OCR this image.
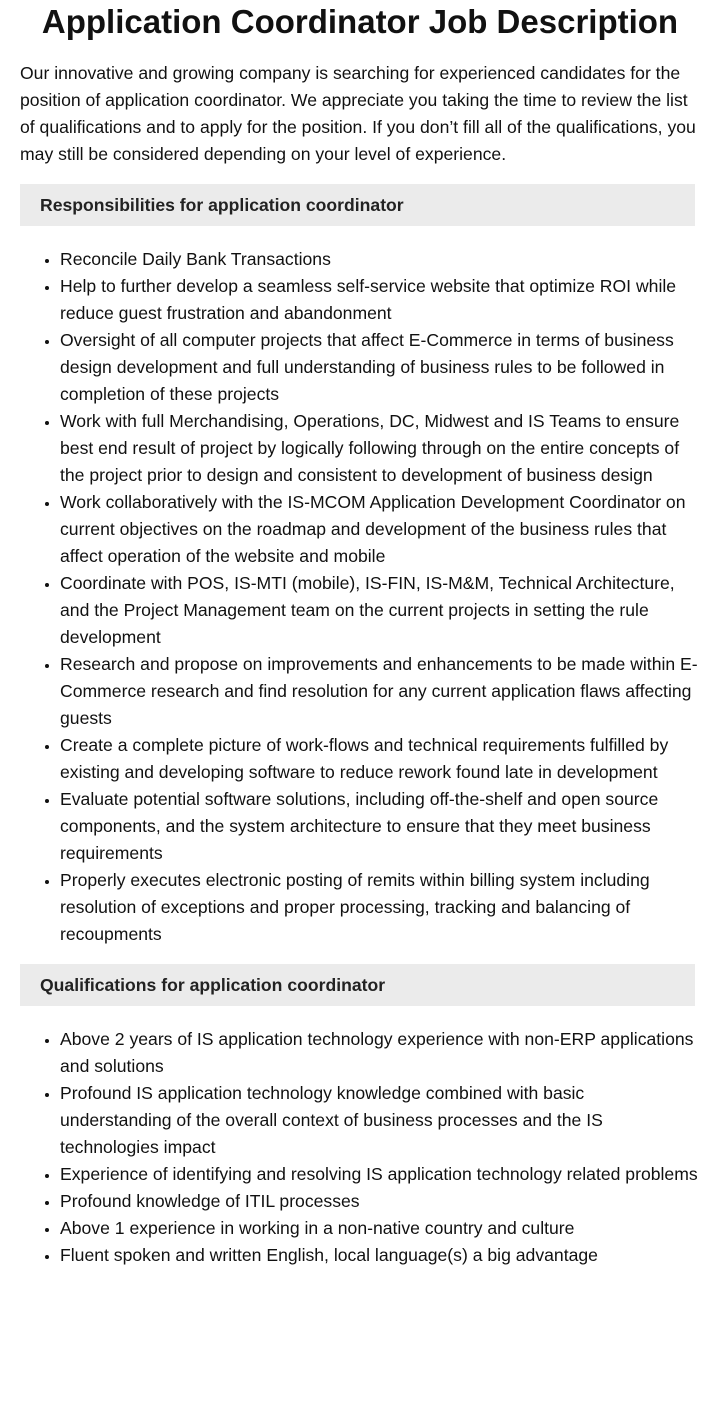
Application Coordinator Job Description

Our innovative and growing company is searching for experienced candidates for the position of application coordinator. We appreciate you taking the time to review the list of qualifications and to apply for the position. If you don’t fill all of the qualifications, you may still be considered depending on your level of experience.

Responsibilities for application coordinator
• Reconcile Daily Bank Transactions
• Help to further develop a seamless self-service website that optimize ROI while reduce guest frustration and abandonment
• Oversight of all computer projects that affect E-Commerce in terms of business design development and full understanding of business rules to be followed in completion of these projects
• Work with full Merchandising, Operations, DC, Midwest and IS Teams to ensure best end result of project by logically following through on the entire concepts of the project prior to design and consistent to development of business design
• Work collaboratively with the IS-MCOM Application Development Coordinator on current objectives on the roadmap and development of the business rules that affect operation of the website and mobile
• Coordinate with POS, IS-MTI (mobile), IS-FIN, IS-M&M, Technical Architecture, and the Project Management team on the current projects in setting the rule development
• Research and propose on improvements and enhancements to be made within E-Commerce research and find resolution for any current application flaws affecting guests
• Create a complete picture of work-flows and technical requirements fulfilled by existing and developing software to reduce rework found late in development
• Evaluate potential software solutions, including off-the-shelf and open source components, and the system architecture to ensure that they meet business requirements
• Properly executes electronic posting of remits within billing system including resolution of exceptions and proper processing, tracking and balancing of recoupments
Qualifications for application coordinator
• Above 2 years of IS application technology experience with non-ERP applications and solutions
• Profound IS application technology knowledge combined with basic understanding of the overall context of business processes and the IS technologies impact
• Experience of identifying and resolving IS application technology related problems
• Profound knowledge of ITIL processes
• Above 1 experience in working in a non-native country and culture
• Fluent spoken and written English, local language(s) a big advantage
